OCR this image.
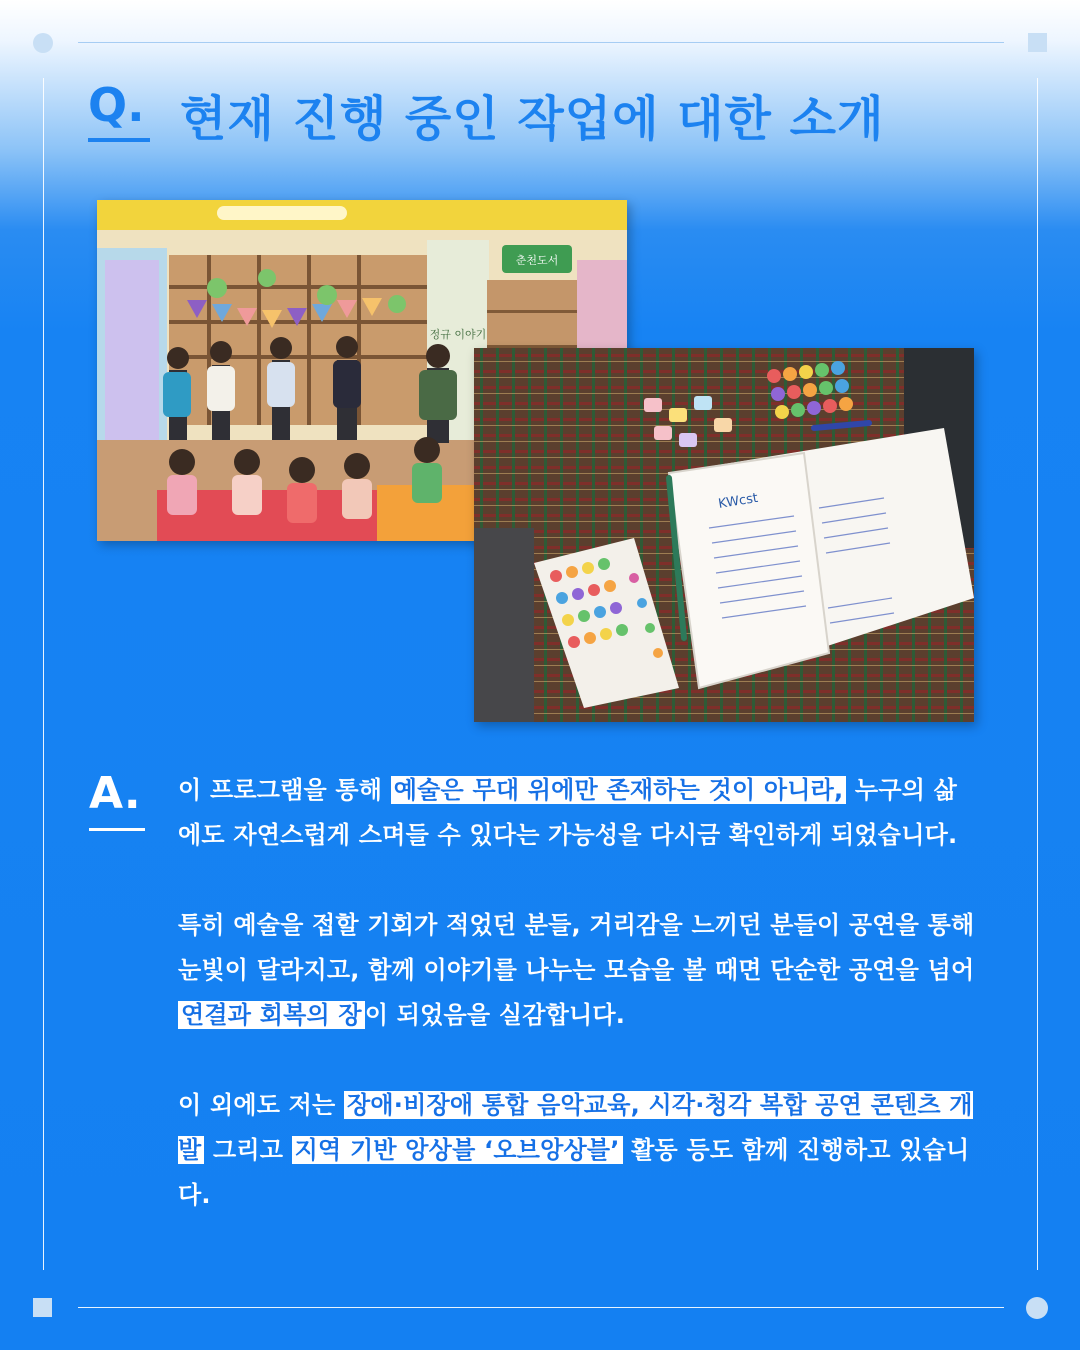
Q. 현재 진행 중인 작업에 대한 소개
춘천도서
정규 이야기
KWcst
A. 이 프로그램을 통해 예술은 무대 위에만 존재하는 것이 아니라, 누구의 삶에도 자연스럽게 스며들 수 있다는 가능성을 다시금 확인하게 되었습니다.

특히 예술을 접할 기회가 적었던 분들, 거리감을 느끼던 분들이 공연을 통해 눈빛이 달라지고, 함께 이야기를 나누는 모습을 볼 때면 단순한 공연을 넘어 연결과 회복의 장 이 되었음을 실감합니다.

이 외에도 저는 장애·비장애 통합 음악교육, 시각·청각 복합 공연 콘텐츠 개발 그리고 지역 기반 앙상블 ‘오브앙상블’ 활동 등도 함께 진행하고 있습니다.
